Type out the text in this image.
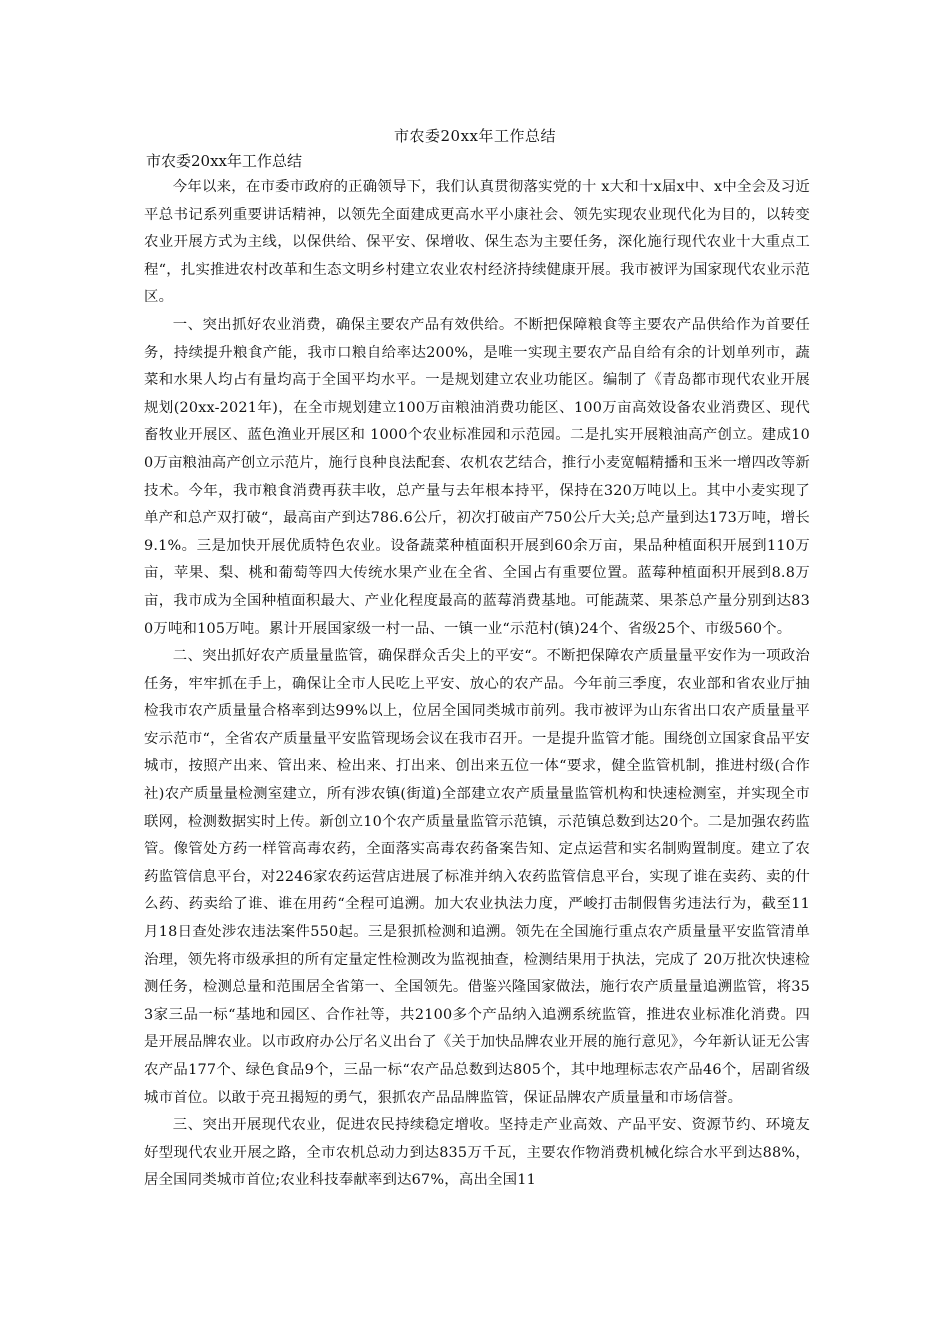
市农委20xx年工作总结
市农委20xx年工作总结

今年以来，在市委市政府的正确领导下，我们认真贯彻落实党的十 x大和十x届x中、x中全会及习近平总书记系列重要讲话精神，以领先全面建成更高水平小康社会、领先实现农业现代化为目的，以转变农业开展方式为主线，以保供给、保平安、保增收、保生态为主要任务，深化施行现代农业十大重点工程“，扎实推进农村改革和生态文明乡村建立农业农村经济持续健康开展。我市被评为国家现代农业示范区。

一、突出抓好农业消费，确保主要农产品有效供给。不断把保障粮食等主要农产品供给作为首要任务，持续提升粮食产能，我市口粮自给率达200%，是唯一实现主要农产品自给有余的计划单列市，蔬菜和水果人均占有量均高于全国平均水平。一是规划建立农业功能区。编制了《青岛都市现代农业开展规划(20xx-2021年)，在全市规划建立100万亩粮油消费功能区、100万亩高效设备农业消费区、现代畜牧业开展区、蓝色渔业开展区和 1000个农业标准园和示范园。二是扎实开展粮油高产创立。建成100万亩粮油高产创立示范片，施行良种良法配套、农机农艺结合，推行小麦宽幅精播和玉米一增四改等新技术。今年，我市粮食消费再获丰收，总产量与去年根本持平，保持在320万吨以上。其中小麦实现了单产和总产双打破“，最高亩产到达786.6公斤，初次打破亩产750公斤大关;总产量到达173万吨，增长9.1%。三是加快开展优质特色农业。设备蔬菜种植面积开展到60余万亩，果品种植面积开展到110万亩，苹果、梨、桃和葡萄等四大传统水果产业在全省、全国占有重要位置。蓝莓种植面积开展到8.8万亩，我市成为全国种植面积最大、产业化程度最高的蓝莓消费基地。可能蔬菜、果茶总产量分别到达830万吨和105万吨。累计开展国家级一村一品、一镇一业“示范村(镇)24个、省级25个、市级560个。

二、突出抓好农产质量量监管，确保群众舌尖上的平安“。不断把保障农产质量量平安作为一项政治任务，牢牢抓在手上，确保让全市人民吃上平安、放心的农产品。今年前三季度，农业部和省农业厅抽检我市农产质量量合格率到达99%以上，位居全国同类城市前列。我市被评为山东省出口农产质量量平安示范市“，全省农产质量量平安监管现场会议在我市召开。一是提升监管才能。围绕创立国家食品平安城市，按照产出来、管出来、检出来、打出来、创出来五位一体“要求，健全监管机制，推进村级(合作社)农产质量量检测室建立，所有涉农镇(街道)全部建立农产质量量监管机构和快速检测室，并实现全市联网，检测数据实时上传。新创立10个农产质量量监管示范镇，示范镇总数到达20个。二是加强农药监管。像管处方药一样管高毒农药，全面落实高毒农药备案告知、定点运营和实名制购置制度。建立了农药监管信息平台，对2246家农药运营店进展了标准并纳入农药监管信息平台，实现了谁在卖药、卖的什么药、药卖给了谁、谁在用药“全程可追溯。加大农业执法力度，严峻打击制假售劣违法行为，截至11月18日查处涉农违法案件550起。三是狠抓检测和追溯。领先在全国施行重点农产质量量平安监管清单治理，领先将市级承担的所有定量定性检测改为监视抽查，检测结果用于执法，完成了 20万批次快速检测任务，检测总量和范围居全省第一、全国领先。借鉴兴隆国家做法，施行农产质量量追溯监管，将353家三品一标“基地和园区、合作社等，共2100多个产品纳入追溯系统监管，推进农业标准化消费。四是开展品牌农业。以市政府办公厅名义出台了《关于加快品牌农业开展的施行意见》，今年新认证无公害农产品177个、绿色食品9个，三品一标“农产品总数到达805个，其中地理标志农产品46个，居副省级城市首位。以敢于亮丑揭短的勇气，狠抓农产品品牌监管，保证品牌农产质量量和市场信誉。

三、突出开展现代农业，促进农民持续稳定增收。坚持走产业高效、产品平安、资源节约、环境友好型现代农业开展之路，全市农机总动力到达835万千瓦，主要农作物消费机械化综合水平到达88%，居全国同类城市首位;农业科技奉献率到达67%，高出全国11
